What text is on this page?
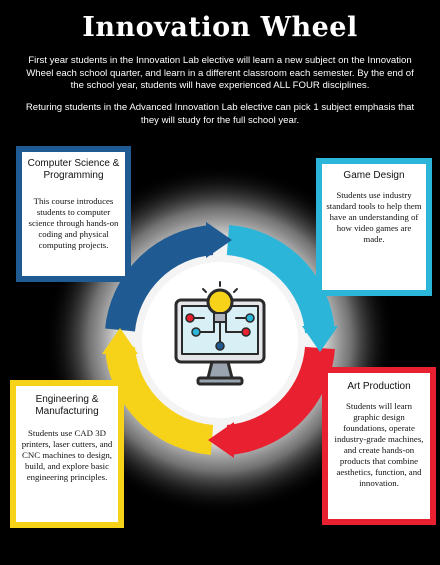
Innovation Wheel
First year students in the Innovation Lab elective will learn a new subject on the Innovation Wheel each school quarter, and learn in a different classroom each semester. By the end of the school year, students will have experienced ALL FOUR disciplines.
Returing students in the Advanced Innovation Lab elective can pick 1 subject emphasis that they will study for the full school year.
Computer Science & Programming
This course introduces students to computer science through hands-on coding and physical computing projects.
Game Design
Students use industry standard tools to help them have an understanding of how video games are made.
Engineering & Manufacturing
Students use CAD 3D printers, laser cutters, and CNC machines to design, build, and explore basic engineering principles.
Art Production
Students will learn graphic design foundations, operate industry-grade machines, and create hands-on products that combine aesthetics, function, and innovation.
